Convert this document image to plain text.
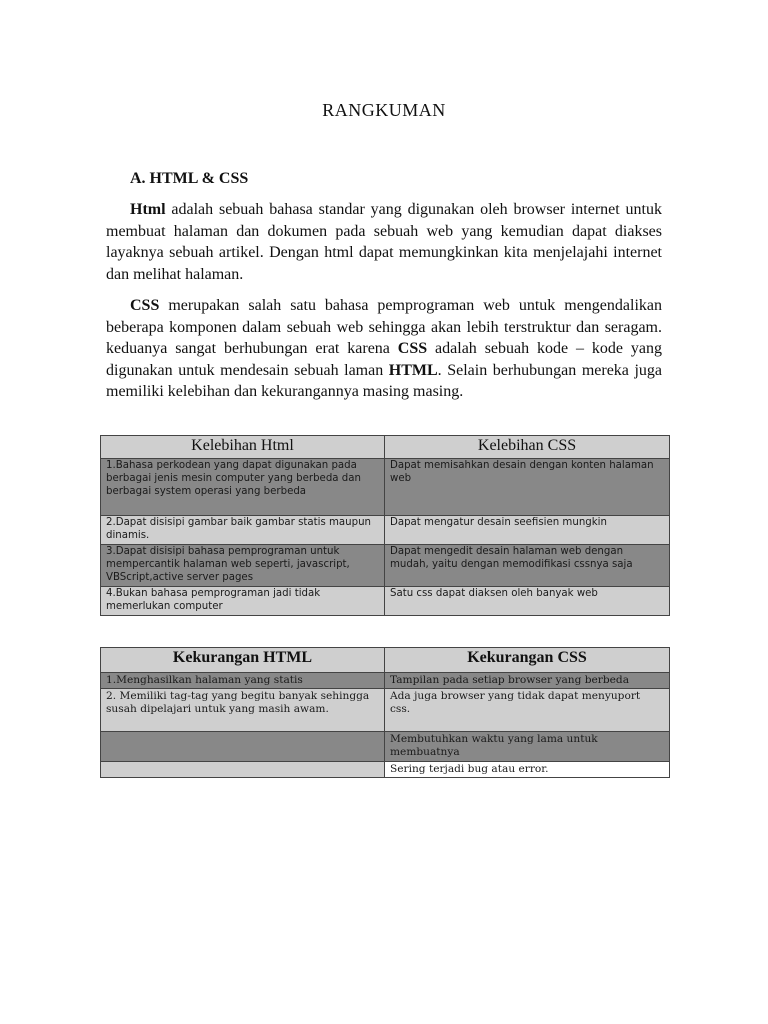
RANGKUMAN
A. HTML & CSS

Html adalah sebuah bahasa standar yang digunakan oleh browser internet untuk membuat halaman dan dokumen pada sebuah web yang kemudian dapat diakses layaknya sebuah artikel. Dengan html dapat memungkinkan kita menjelajahi internet dan melihat halaman.

CSS merupakan salah satu bahasa pemprograman web untuk mengendalikan beberapa komponen dalam sebuah web sehingga akan lebih terstruktur dan seragam. keduanya sangat berhubungan erat karena CSS adalah sebuah kode – kode yang digunakan untuk mendesain sebuah laman HTML. Selain berhubungan mereka juga memiliki kelebihan dan kekurangannya masing masing.

Kelebihan Html	Kelebihan CSS
1.Bahasa perkodean yang dapat digunakan pada berbagai jenis mesin computer yang berbeda dan berbagai system operasi yang berbeda	Dapat memisahkan desain dengan konten halaman web
2.Dapat disisipi gambar baik gambar statis maupun dinamis.	Dapat mengatur desain seefisien mungkin
3.Dapat disisipi bahasa pemprograman untuk mempercantik halaman web seperti, javascript, VBScript,active server pages	Dapat mengedit desain halaman web dengan mudah, yaitu dengan memodifikasi cssnya saja
4.Bukan bahasa pemprograman jadi tidak memerlukan computer	Satu css dapat diaksen oleh banyak web
Kekurangan HTML	Kekurangan CSS
1.Menghasilkan halaman yang statis	Tampilan pada setiap browser yang berbeda
2. Memiliki tag-tag yang begitu banyak sehingga susah dipelajari untuk yang masih awam.	Ada juga browser yang tidak dapat menyuport css.
	Membutuhkan waktu yang lama untuk membuatnya
	Sering terjadi bug atau error.
